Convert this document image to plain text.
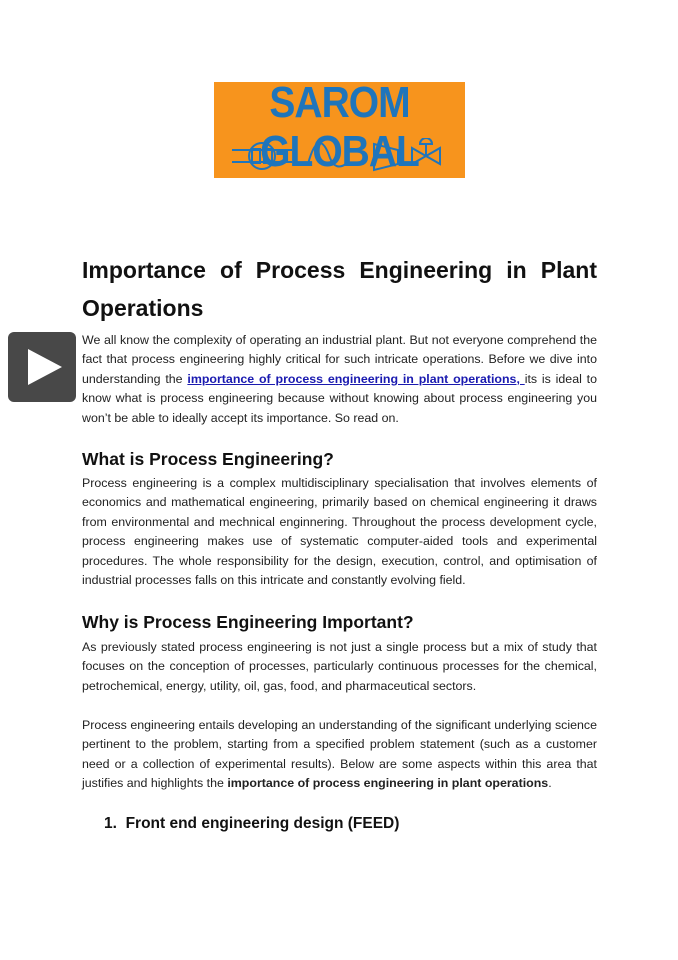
SAROM GLOBAL
Importance of Process Engineering in Plant Operations

We all know the complexity of operating an industrial plant. But not everyone comprehend the fact that process engineering highly critical for such intricate operations. Before we dive into understanding the importance of process engineering in plant operations, its is ideal to know what is process engineering because without knowing about process engineering you won’t be able to ideally accept its importance. So read on.

What is Process Engineering?

Process engineering is a complex multidisciplinary specialisation that involves elements of economics and mathematical engineering, primarily based on chemical engineering it draws from environmental and mechnical enginnering. Throughout the process development cycle, process engineering makes use of systematic computer-aided tools and experimental procedures. The whole responsibility for the design, execution, control, and optimisation of industrial processes falls on this intricate and constantly evolving field.

Why is Process Engineering Important?

As previously stated process engineering is not just a single process but a mix of study that focuses on the conception of processes, particularly continuous processes for the chemical, petrochemical, energy, utility, oil, gas, food, and pharmaceutical sectors.

Process engineering entails developing an understanding of the significant underlying science pertinent to the problem, starting from a specified problem statement (such as a customer need or a collection of experimental results). Below are some aspects within this area that justifies and highlights the importance of process engineering in plant operations.

1. Front end engineering design (FEED)
